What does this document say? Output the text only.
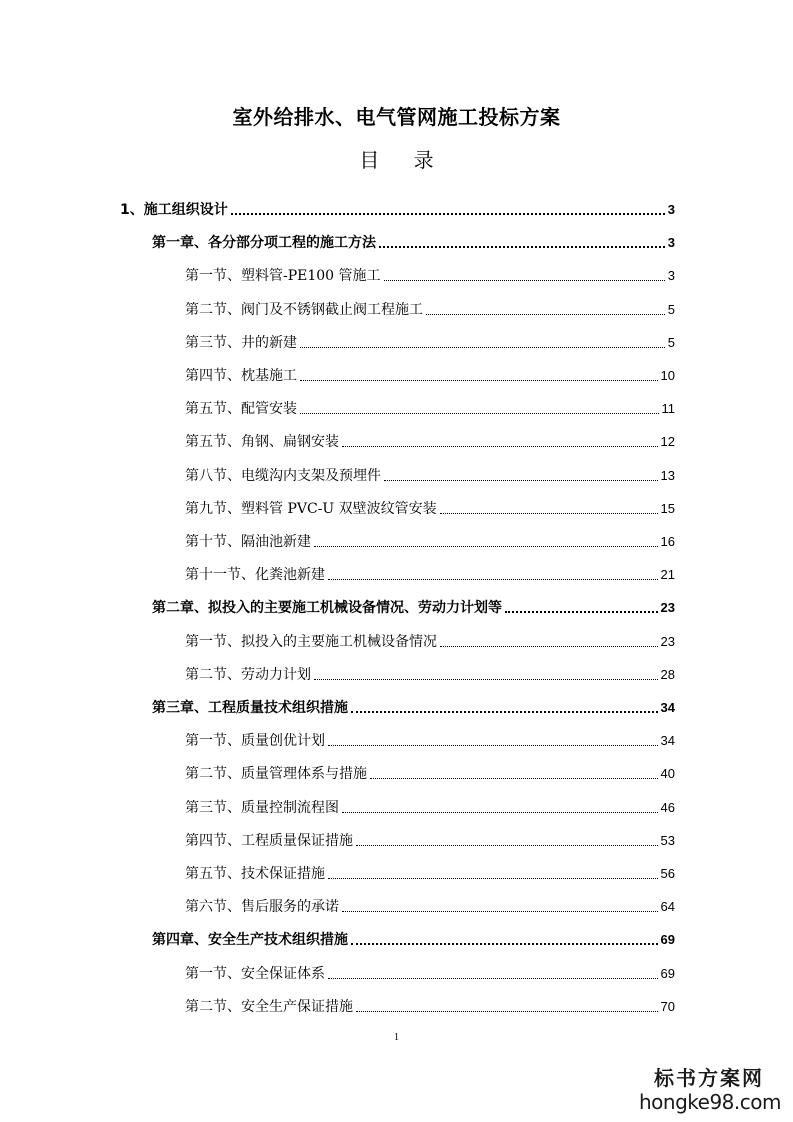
室外给排水、电气管网施工投标方案
目 录
1、施工组织设计	3
第一章、各分部分项工程的施工方法	3
第一节、塑料管-PE100 管施工	3
第二节、阀门及不锈钢截止阀工程施工	5
第三节、井的新建	5
第四节、枕基施工	10
第五节、配管安装	11
第五节、角钢、扁钢安装	12
第八节、电缆沟内支架及预埋件	13
第九节、塑料管 PVC-U 双壁波纹管安装	15
第十节、隔油池新建	16
第十一节、化粪池新建	21
第二章、拟投入的主要施工机械设备情况、劳动力计划等	23
第一节、拟投入的主要施工机械设备情况	23
第二节、劳动力计划	28
第三章、工程质量技术组织措施	34
第一节、质量创优计划	34
第二节、质量管理体系与措施	40
第三节、质量控制流程图	46
第四节、工程质量保证措施	53
第五节、技术保证措施	56
第六节、售后服务的承诺	64
第四章、安全生产技术组织措施	69
第一节、安全保证体系	69
第二节、安全生产保证措施	70
1
标书方案网
hongke98.com
